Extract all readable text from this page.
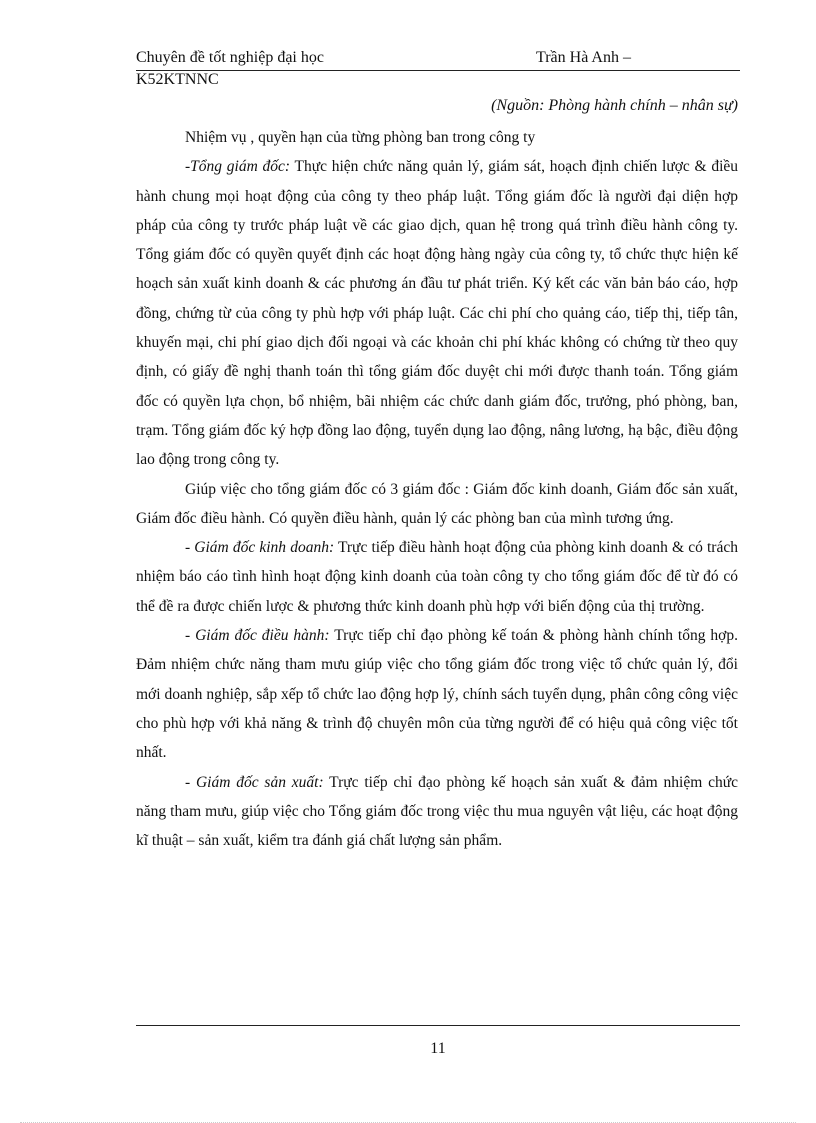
Chuyên đề tốt nghiệp đại học	Trần Hà Anh –
K52KTNNC
(Nguồn: Phòng hành chính – nhân sự)

Nhiệm vụ , quyền hạn của từng phòng ban trong công ty

-Tổng giám đốc: Thực hiện chức năng quản lý, giám sát, hoạch định chiến lược & điều hành chung mọi hoạt động của công ty theo pháp luật. Tổng giám đốc là người đại diện hợp pháp của công ty trước pháp luật về các giao dịch, quan hệ trong quá trình điều hành công ty. Tổng giám đốc có quyền quyết định các hoạt động hàng ngày của công ty, tổ chức thực hiện kế hoạch sản xuất kinh doanh & các phương án đầu tư phát triển. Ký kết các văn bản báo cáo, hợp đồng, chứng từ của công ty phù hợp với pháp luật. Các chi phí cho quảng cáo, tiếp thị, tiếp tân, khuyến mại, chi phí giao dịch đối ngoại và các khoản chi phí khác không có chứng từ theo quy định, có giấy đề nghị thanh toán thì tổng giám đốc duyệt chi mới được thanh toán. Tổng giám đốc có quyền lựa chọn, bổ nhiệm, bãi nhiệm các chức danh giám đốc, trưởng, phó phòng, ban, trạm. Tổng giám đốc ký hợp đồng lao động, tuyển dụng lao động, nâng lương, hạ bậc, điều động lao động trong công ty.

Giúp việc cho tổng giám đốc có 3 giám đốc : Giám đốc kinh doanh, Giám đốc sản xuất, Giám đốc điều hành. Có quyền điều hành, quản lý các phòng ban của mình tương ứng.

- Giám đốc kinh doanh: Trực tiếp điều hành hoạt động của phòng kinh doanh & có trách nhiệm báo cáo tình hình hoạt động kinh doanh của toàn công ty cho tổng giám đốc để từ đó có thể đề ra được chiến lược & phương thức kinh doanh phù hợp với biến động của thị trường.

- Giám đốc điều hành: Trực tiếp chỉ đạo phòng kế toán & phòng hành chính tổng hợp. Đảm nhiệm chức năng tham mưu giúp việc cho tổng giám đốc trong việc tổ chức quản lý, đổi mới doanh nghiệp, sắp xếp tổ chức lao động hợp lý, chính sách tuyển dụng, phân công công việc cho phù hợp với khả năng & trình độ chuyên môn của từng người để có hiệu quả công việc tốt nhất.

- Giám đốc sản xuất: Trực tiếp chỉ đạo phòng kế hoạch sản xuất & đảm nhiệm chức năng tham mưu, giúp việc cho Tổng giám đốc trong việc thu mua nguyên vật liệu, các hoạt động kĩ thuật – sản xuất, kiểm tra đánh giá chất lượng sản phẩm.

11
